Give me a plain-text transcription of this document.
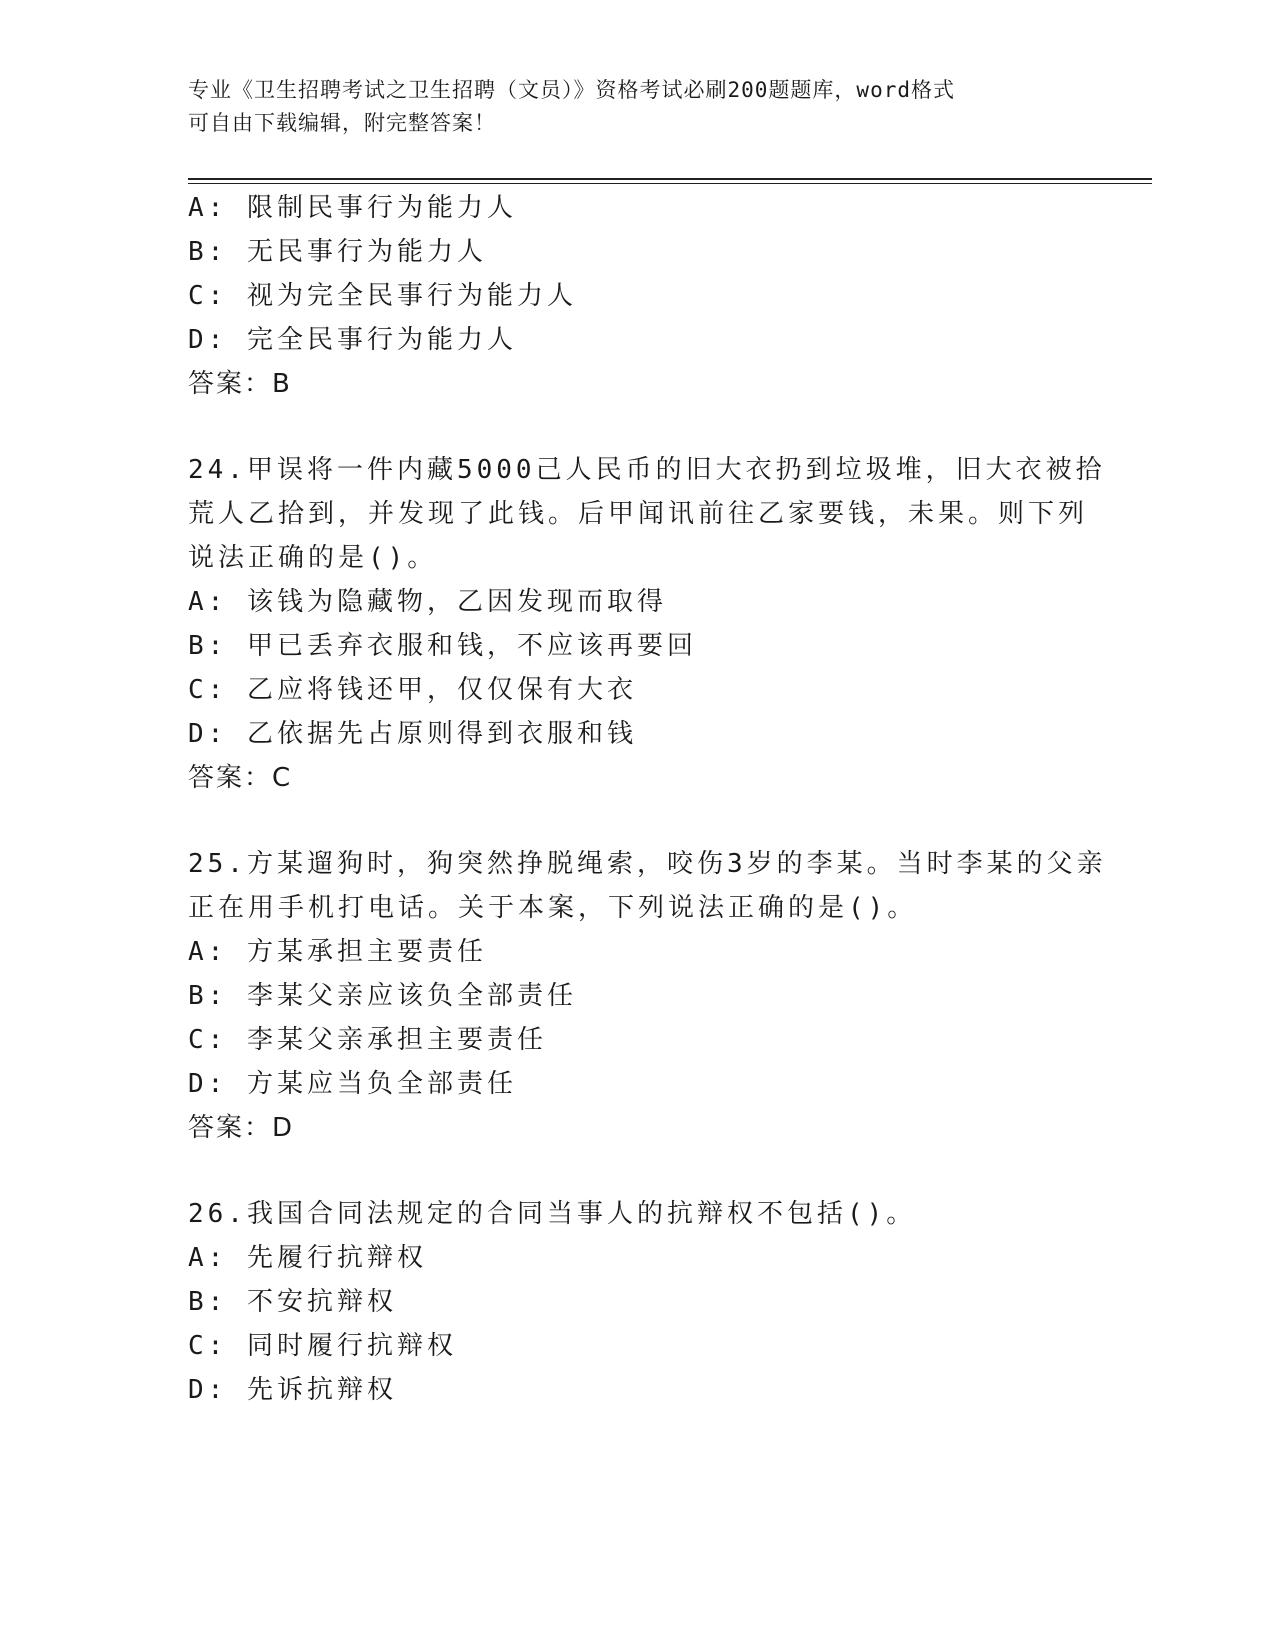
专业《卫生招聘考试之卫生招聘（文员）》资格考试必刷200题题库，word格式
可自由下载编辑，附完整答案！
A: 限制民事行为能力人
B: 无民事行为能力人
C: 视为完全民事行为能力人
D: 完全民事行为能力人
答案：B
24.甲误将一件内藏5000己人民币的旧大衣扔到垃圾堆，旧大衣被拾
荒人乙拾到，并发现了此钱。后甲闻讯前往乙家要钱，未果。则下列
说法正确的是()。
A: 该钱为隐藏物，乙因发现而取得
B: 甲已丢弃衣服和钱，不应该再要回
C: 乙应将钱还甲，仅仅保有大衣
D: 乙依据先占原则得到衣服和钱
答案：C
25.方某遛狗时，狗突然挣脱绳索，咬伤3岁的李某。当时李某的父亲
正在用手机打电话。关于本案，下列说法正确的是()。
A: 方某承担主要责任
B: 李某父亲应该负全部责任
C: 李某父亲承担主要责任
D: 方某应当负全部责任
答案：D
26.我国合同法规定的合同当事人的抗辩权不包括()。
A: 先履行抗辩权
B: 不安抗辩权
C: 同时履行抗辩权
D: 先诉抗辩权
